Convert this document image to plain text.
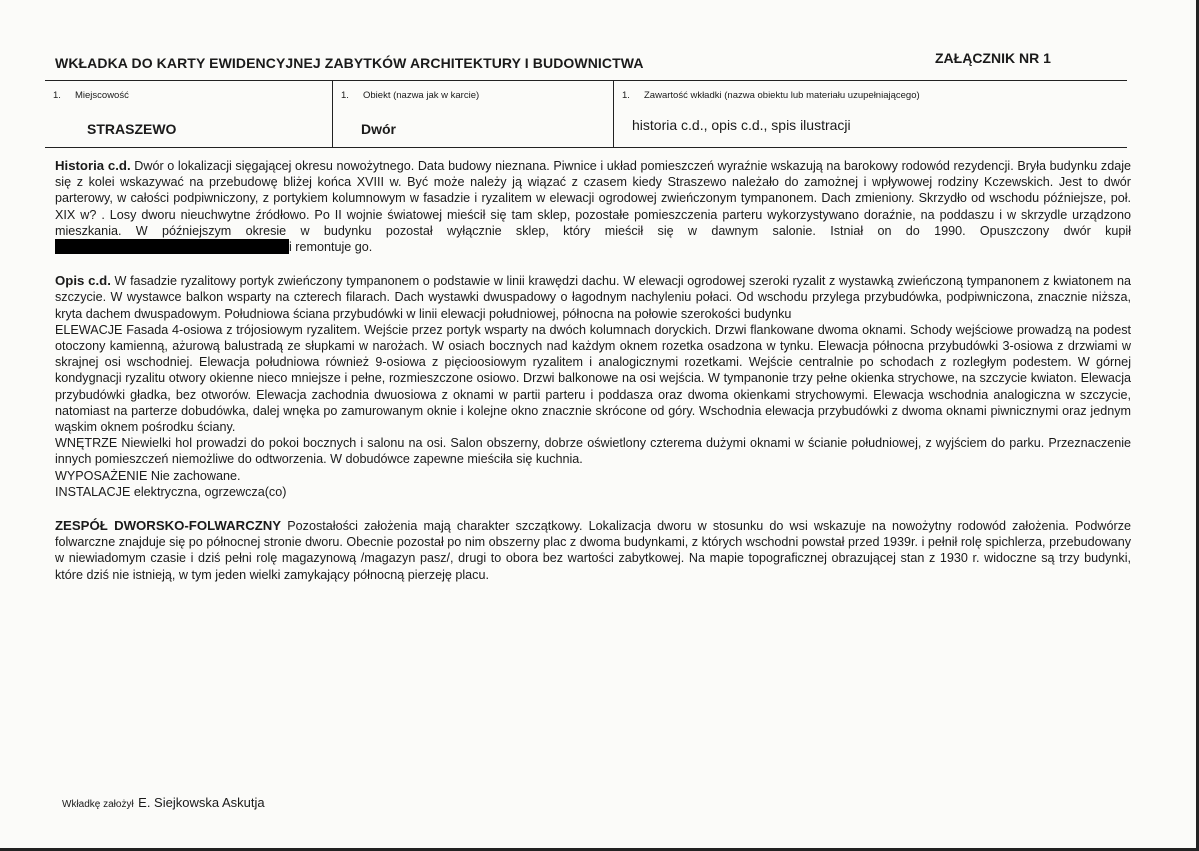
WKŁADKA DO KARTY EWIDENCYJNEJ ZABYTKÓW ARCHITEKTURY I BUDOWNICTWA	ZAŁĄCZNIK NR 1
1. Miejscowość
STRASZEWO
1. Obiekt (nazwa jak w karcie)
Dwór
1. Zawartość wkładki (nazwa obiektu lub materiału uzupełniającego)
historia c.d., opis c.d., spis ilustracji

Historia c.d. Dwór o lokalizacji sięgającej okresu nowożytnego. Data budowy nieznana. Piwnice i układ pomieszczeń wyraźnie wskazują na barokowy rodowód rezydencji. Bryła budynku zdaje się z kolei wskazywać na przebudowę bliżej końca XVIII w. Być może należy ją wiązać z czasem kiedy Straszewo należało do zamożnej i wpływowej rodziny Kczewskich. Jest to dwór parterowy, w całości podpiwniczony, z portykiem kolumnowym w fasadzie i ryzalitem w elewacji ogrodowej zwieńczonym tympanonem. Dach zmieniony. Skrzydło od wschodu późniejsze, poł. XIX w? . Losy dworu nieuchwytne źródłowo. Po II wojnie światowej mieścił się tam sklep, pozostałe pomieszczenia parteru wykorzystywano doraźnie, na poddaszu i w skrzydle urządzono mieszkania. W późniejszym okresie w budynku pozostał wyłącznie sklep, który mieścił się w dawnym salonie. Istniał on do 1990. Opuszczony dwór kupiłi remontuje go.

Opis c.d. W fasadzie ryzalitowy portyk zwieńczony tympanonem o podstawie w linii krawędzi dachu. W elewacji ogrodowej szeroki ryzalit z wystawką zwieńczoną tympanonem z kwiatonem na szczycie. W wystawce balkon wsparty na czterech filarach. Dach wystawki dwuspadowy o łagodnym nachyleniu połaci. Od wschodu przylega przybudówka, podpiwniczona, znacznie niższa, kryta dachem dwuspadowym. Południowa ściana przybudówki w linii elewacji południowej, północna na połowie szerokości budynku

ELEWACJE Fasada 4-osiowa z trójosiowym ryzalitem. Wejście przez portyk wsparty na dwóch kolumnach doryckich. Drzwi flankowane dwoma oknami. Schody wejściowe prowadzą na podest otoczony kamienną, ażurową balustradą ze słupkami w narożach. W osiach bocznych nad każdym oknem rozetka osadzona w tynku. Elewacja północna przybudówki 3-osiowa z drzwiami w skrajnej osi wschodniej. Elewacja południowa również 9-osiowa z pięcioosiowym ryzalitem i analogicznymi rozetkami. Wejście centralnie po schodach z rozległym podestem. W górnej kondygnacji ryzalitu otwory okienne nieco mniejsze i pełne, rozmieszczone osiowo. Drzwi balkonowe na osi wejścia. W tympanonie trzy pełne okienka strychowe, na szczycie kwiaton. Elewacja przybudówki gładka, bez otworów. Elewacja zachodnia dwuosiowa z oknami w partii parteru i poddasza oraz dwoma okienkami strychowymi. Elewacja wschodnia analogiczna w szczycie, natomiast na parterze dobudówka, dalej wnęka po zamurowanym oknie i kolejne okno znacznie skrócone od góry. Wschodnia elewacja przybudówki z dwoma oknami piwnicznymi oraz jednym wąskim oknem pośrodku ściany.

WNĘTRZE Niewielki hol prowadzi do pokoi bocznych i salonu na osi. Salon obszerny, dobrze oświetlony czterema dużymi oknami w ścianie południowej, z wyjściem do parku. Przeznaczenie innych pomieszczeń niemożliwe do odtworzenia. W dobudówce zapewne mieściła się kuchnia.

WYPOSAŻENIE Nie zachowane.

INSTALACJE elektryczna, ogrzewcza(co)

ZESPÓŁ DWORSKO-FOLWARCZNY Pozostałości założenia mają charakter szczątkowy. Lokalizacja dworu w stosunku do wsi wskazuje na nowożytny rodowód założenia. Podwórze folwarczne znajduje się po północnej stronie dworu. Obecnie pozostał po nim obszerny plac z dwoma budynkami, z których wschodni powstał przed 1939r. i pełnił rolę spichlerza, przebudowany w niewiadomym czasie i dziś pełni rolę magazynową /magazyn pasz/, drugi to obora bez wartości zabytkowej. Na mapie topograficznej obrazującej stan z 1930 r. widoczne są trzy budynki, które dziś nie istnieją, w tym jeden wielki zamykający północną pierzeję placu.

Wkładkę założył E. Siejkowska Askutja
